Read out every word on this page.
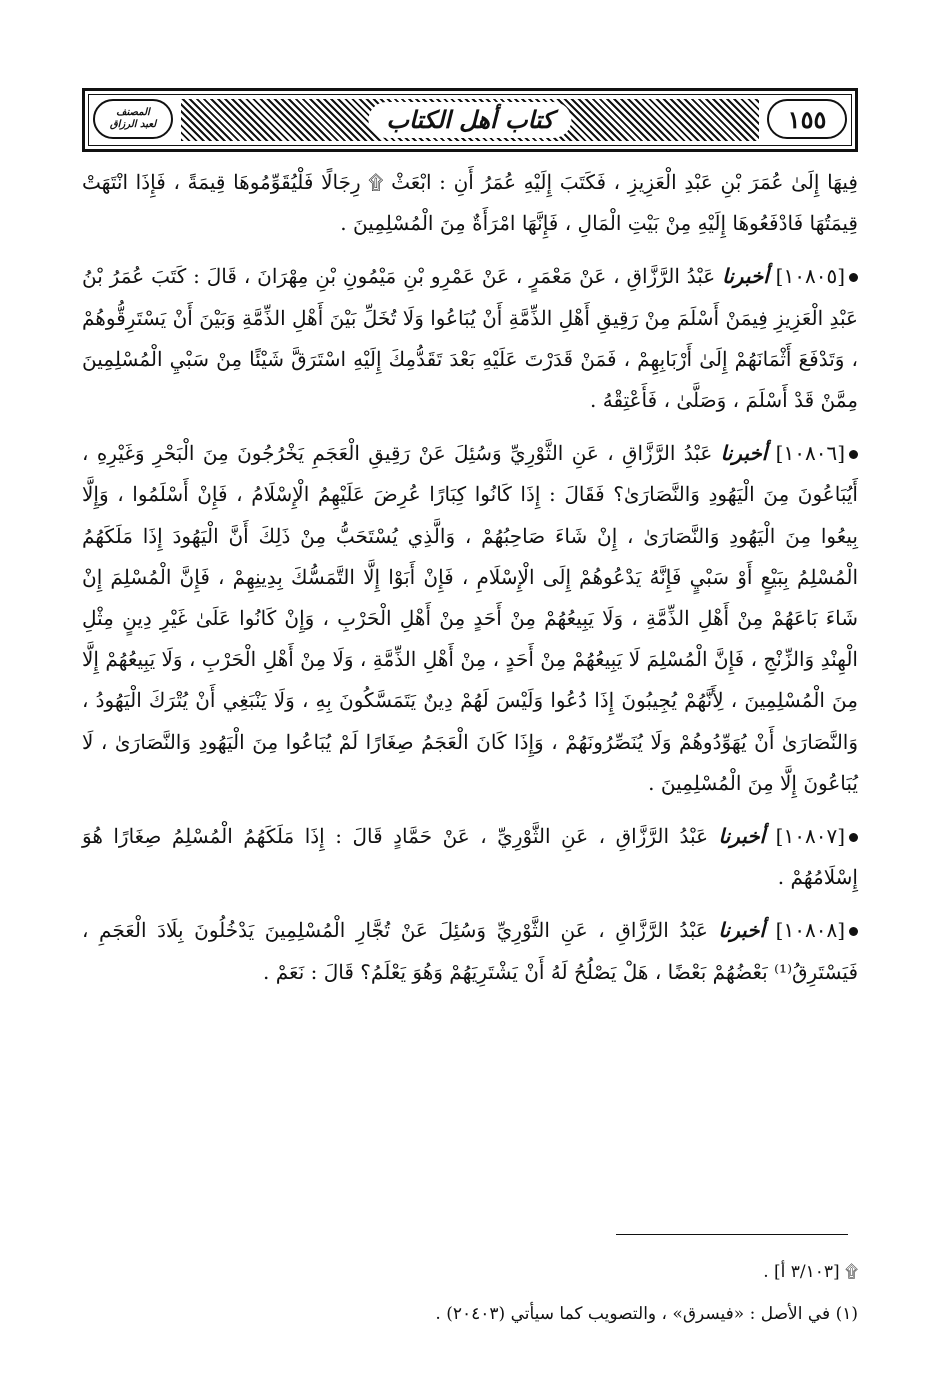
كتاب أهل الكتاب	١٥٥
المصنف
لعبد الرزاق

فِيهَا إِلَىٰ عُمَرَ بْنِ عَبْدِ الْعَزِيزِ ، فَكَتَبَ إِلَيْهِ عُمَرُ أَنِ : ابْعَثْ ۩ رِجَالًا فَلْيُقَوِّمُوهَا قِيمَةً ، فَإِذَا انْتَهَتْ قِيمَتُهَا فَادْفَعُوهَا إِلَيْهِ مِنْ بَيْتِ الْمَالِ ، فَإِنَّهَا امْرَأَةٌ مِنَ الْمُسْلِمِينَ .

[١٠٨٠٥] أخبرنا عَبْدُ الرَّزَّاقِ ، عَنْ مَعْمَرٍ ، عَنْ عَمْرِو بْنِ مَيْمُونِ بْنِ مِهْرَانَ ، قَالَ : كَتَبَ عُمَرُ بْنُ عَبْدِ الْعَزِيزِ فِيمَنْ أَسْلَمَ مِنْ رَقِيقِ أَهْلِ الذِّمَّةِ أَنْ يُبَاعُوا وَلَا تُخَلِّ بَيْنَ أَهْلِ الذِّمَّةِ وَبَيْنَ أَنْ يَسْتَرِقُّوهُمْ ، وَتَدْفَعَ أَثْمَانَهُمْ إِلَىٰ أَرْبَابِهِمْ ، فَمَنْ قَدَرْتَ عَلَيْهِ بَعْدَ تَقَدُّمِكَ إِلَيْهِ اسْتَرَقَّ شَيْئًا مِنْ سَبْيِ الْمُسْلِمِينَ مِمَّنْ قَدْ أَسْلَمَ ، وَصَلَّىٰ ، فَأَعْتِقْهُ .

[١٠٨٠٦] أخبرنا عَبْدُ الرَّزَّاقِ ، عَنِ الثَّوْرِيِّ وَسُئِلَ عَنْ رَقِيقِ الْعَجَمِ يَخْرُجُونَ مِنَ الْبَحْرِ وَغَيْرِهِ ، أَيُبَاعُونَ مِنَ الْيَهُودِ وَالنَّصَارَىٰ؟ فَقَالَ : إِذَا كَانُوا كِبَارًا عُرِضَ عَلَيْهِمُ الْإِسْلَامُ ، فَإِنْ أَسْلَمُوا ، وَإِلَّا بِيعُوا مِنَ الْيَهُودِ وَالنَّصَارَىٰ ، إِنْ شَاءَ صَاحِبُهُمْ ، وَالَّذِي يُسْتَحَبُّ مِنْ ذَلِكَ أَنَّ الْيَهُودَ إِذَا مَلَكَهُمُ الْمُسْلِمُ بِبَيْعٍ أَوْ سَبْيٍ فَإِنَّهُ يَدْعُوهُمْ إِلَى الْإِسْلَامِ ، فَإِنْ أَبَوْا إِلَّا التَّمَسُّكَ بِدِينِهِمْ ، فَإِنَّ الْمُسْلِمَ إِنْ شَاءَ بَاعَهُمْ مِنْ أَهْلِ الذِّمَّةِ ، وَلَا يَبِيعُهُمْ مِنْ أَحَدٍ مِنْ أَهْلِ الْحَرْبِ ، وَإِنْ كَانُوا عَلَىٰ غَيْرِ دِينٍ مِثْلِ الْهِنْدِ وَالزِّنْجِ ، فَإِنَّ الْمُسْلِمَ لَا يَبِيعُهُمْ مِنْ أَحَدٍ ، مِنْ أَهْلِ الذِّمَّةِ ، وَلَا مِنْ أَهْلِ الْحَرْبِ ، وَلَا يَبِيعُهُمْ إِلَّا مِنَ الْمُسْلِمِينَ ، لِأَنَّهُمْ يُجِيبُونَ إِذَا دُعُوا وَلَيْسَ لَهُمْ دِينٌ يَتَمَسَّكُونَ بِهِ ، وَلَا يَنْبَغِي أَنْ يُتْرَكَ الْيَهُودُ ، وَالنَّصَارَىٰ أَنْ يُهَوِّدُوهُمْ وَلَا يُنَصِّرُونَهُمْ ، وَإِذَا كَانَ الْعَجَمُ صِغَارًا لَمْ يُبَاعُوا مِنَ الْيَهُودِ وَالنَّصَارَىٰ ، لَا يُبَاعُونَ إِلَّا مِنَ الْمُسْلِمِينَ .

[١٠٨٠٧] أخبرنا عَبْدُ الرَّزَّاقِ ، عَنِ الثَّوْرِيِّ ، عَنْ حَمَّادٍ قَالَ : إِذَا مَلَكَهُمُ الْمُسْلِمُ صِغَارًا هُوَ إِسْلَامُهُمْ .

[١٠٨٠٨] أخبرنا عَبْدُ الرَّزَّاقِ ، عَنِ الثَّوْرِيِّ وَسُئِلَ عَنْ تُجَّارِ الْمُسْلِمِينَ يَدْخُلُونَ بِلَادَ الْعَجَمِ ، فَيَسْتَرِقُ⁽¹⁾ بَعْضُهُمْ بَعْضًا ، هَلْ يَصْلُحُ لَهُ أَنْ يَشْتَرِيَهُمْ وَهُوَ يَعْلَمُ؟ قَالَ : نَعَمْ .

۩ [٣/١٠٣ أ] .
(١) في الأصل : «فيسرق» ، والتصويب كما سيأتي (٢٠٤٠٣) .
